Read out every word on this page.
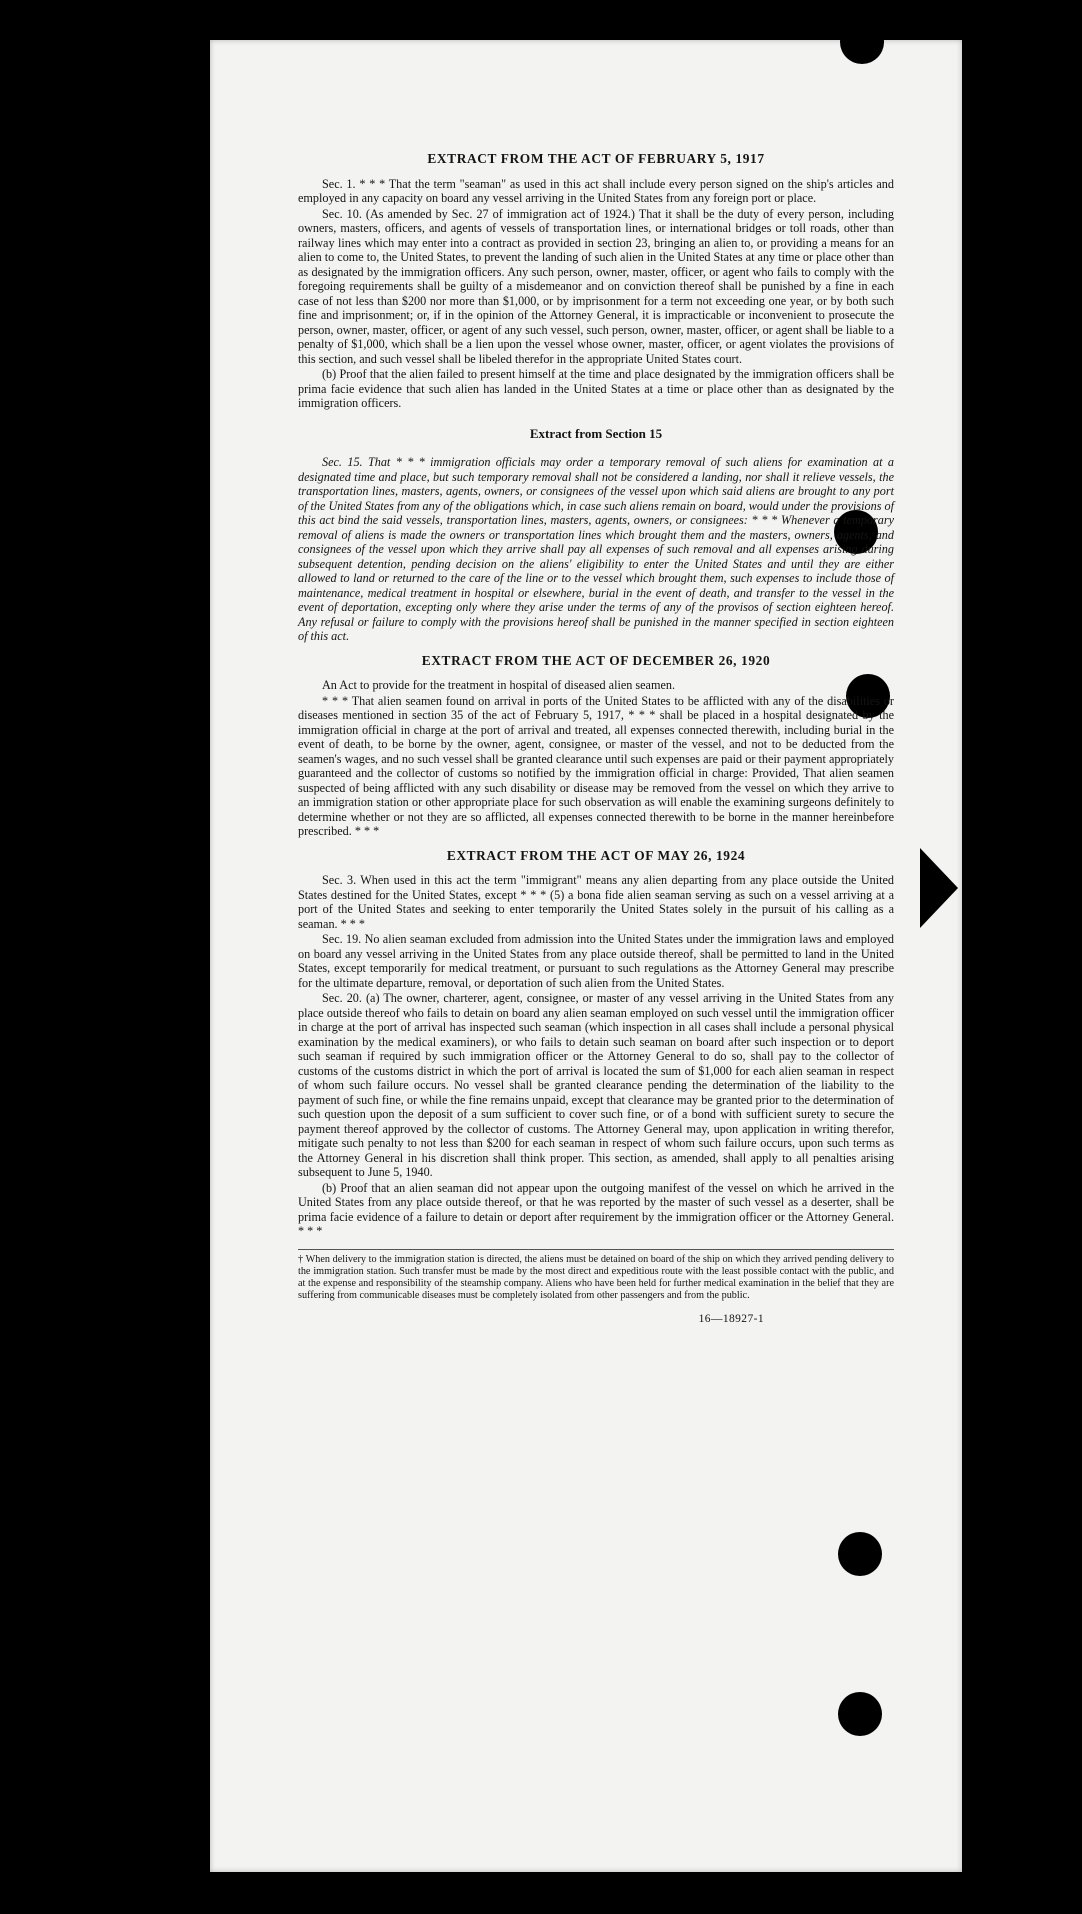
EXTRACT FROM THE ACT OF FEBRUARY 5, 1917

Sec. 1. * * * That the term "seaman" as used in this act shall include every person signed on the ship's articles and employed in any capacity on board any vessel arriving in the United States from any foreign port or place.

Sec. 10. (As amended by Sec. 27 of immigration act of 1924.) That it shall be the duty of every person, including owners, masters, officers, and agents of vessels of transportation lines, or international bridges or toll roads, other than railway lines which may enter into a contract as provided in section 23, bringing an alien to, or providing a means for an alien to come to, the United States, to prevent the landing of such alien in the United States at any time or place other than as designated by the immigration officers. Any such person, owner, master, officer, or agent who fails to comply with the foregoing requirements shall be guilty of a misdemeanor and on conviction thereof shall be punished by a fine in each case of not less than $200 nor more than $1,000, or by imprisonment for a term not exceeding one year, or by both such fine and imprisonment; or, if in the opinion of the Attorney General, it is impracticable or inconvenient to prosecute the person, owner, master, officer, or agent of any such vessel, such person, owner, master, officer, or agent shall be liable to a penalty of $1,000, which shall be a lien upon the vessel whose owner, master, officer, or agent violates the provisions of this section, and such vessel shall be libeled therefor in the appropriate United States court.

(b) Proof that the alien failed to present himself at the time and place designated by the immigration officers shall be prima facie evidence that such alien has landed in the United States at a time or place other than as designated by the immigration officers.

Extract from Section 15

Sec. 15. That * * * immigration officials may order a temporary removal of such aliens for examination at a designated time and place, but such temporary removal shall not be considered a landing, nor shall it relieve vessels, the transportation lines, masters, agents, owners, or consignees of the vessel upon which said aliens are brought to any port of the United States from any of the obligations which, in case such aliens remain on board, would under the provisions of this act bind the said vessels, transportation lines, masters, agents, owners, or consignees: * * * Whenever a temporary removal of aliens is made the owners or transportation lines which brought them and the masters, owners, agents, and consignees of the vessel upon which they arrive shall pay all expenses of such removal and all expenses arising during subsequent detention, pending decision on the aliens' eligibility to enter the United States and until they are either allowed to land or returned to the care of the line or to the vessel which brought them, such expenses to include those of maintenance, medical treatment in hospital or elsewhere, burial in the event of death, and transfer to the vessel in the event of deportation, excepting only where they arise under the terms of any of the provisos of section eighteen hereof. Any refusal or failure to comply with the provisions hereof shall be punished in the manner specified in section eighteen of this act.

EXTRACT FROM THE ACT OF DECEMBER 26, 1920

An Act to provide for the treatment in hospital of diseased alien seamen.

* * * That alien seamen found on arrival in ports of the United States to be afflicted with any of the disabilities or diseases mentioned in section 35 of the act of February 5, 1917, * * * shall be placed in a hospital designated by the immigration official in charge at the port of arrival and treated, all expenses connected therewith, including burial in the event of death, to be borne by the owner, agent, consignee, or master of the vessel, and not to be deducted from the seamen's wages, and no such vessel shall be granted clearance until such expenses are paid or their payment appropriately guaranteed and the collector of customs so notified by the immigration official in charge: Provided, That alien seamen suspected of being afflicted with any such disability or disease may be removed from the vessel on which they arrive to an immigration station or other appropriate place for such observation as will enable the examining surgeons definitely to determine whether or not they are so afflicted, all expenses connected therewith to be borne in the manner hereinbefore prescribed. * * *

EXTRACT FROM THE ACT OF MAY 26, 1924

Sec. 3. When used in this act the term "immigrant" means any alien departing from any place outside the United States destined for the United States, except * * * (5) a bona fide alien seaman serving as such on a vessel arriving at a port of the United States and seeking to enter temporarily the United States solely in the pursuit of his calling as a seaman. * * *

Sec. 19. No alien seaman excluded from admission into the United States under the immigration laws and employed on board any vessel arriving in the United States from any place outside thereof, shall be permitted to land in the United States, except temporarily for medical treatment, or pursuant to such regulations as the Attorney General may prescribe for the ultimate departure, removal, or deportation of such alien from the United States.

Sec. 20. (a) The owner, charterer, agent, consignee, or master of any vessel arriving in the United States from any place outside thereof who fails to detain on board any alien seaman employed on such vessel until the immigration officer in charge at the port of arrival has inspected such seaman (which inspection in all cases shall include a personal physical examination by the medical examiners), or who fails to detain such seaman on board after such inspection or to deport such seaman if required by such immigration officer or the Attorney General to do so, shall pay to the collector of customs of the customs district in which the port of arrival is located the sum of $1,000 for each alien seaman in respect of whom such failure occurs. No vessel shall be granted clearance pending the determination of the liability to the payment of such fine, or while the fine remains unpaid, except that clearance may be granted prior to the determination of such question upon the deposit of a sum sufficient to cover such fine, or of a bond with sufficient surety to secure the payment thereof approved by the collector of customs. The Attorney General may, upon application in writing therefor, mitigate such penalty to not less than $200 for each seaman in respect of whom such failure occurs, upon such terms as the Attorney General in his discretion shall think proper. This section, as amended, shall apply to all penalties arising subsequent to June 5, 1940.

(b) Proof that an alien seaman did not appear upon the outgoing manifest of the vessel on which he arrived in the United States from any place outside thereof, or that he was reported by the master of such vessel as a deserter, shall be prima facie evidence of a failure to detain or deport after requirement by the immigration officer or the Attorney General. * * *

† When delivery to the immigration station is directed, the aliens must be detained on board of the ship on which they arrived pending delivery to the immigration station. Such transfer must be made by the most direct and expeditious route with the least possible contact with the public, and at the expense and responsibility of the steamship company. Aliens who have been held for further medical examination in the belief that they are suffering from communicable diseases must be completely isolated from other passengers and from the public.

16—18927-1
